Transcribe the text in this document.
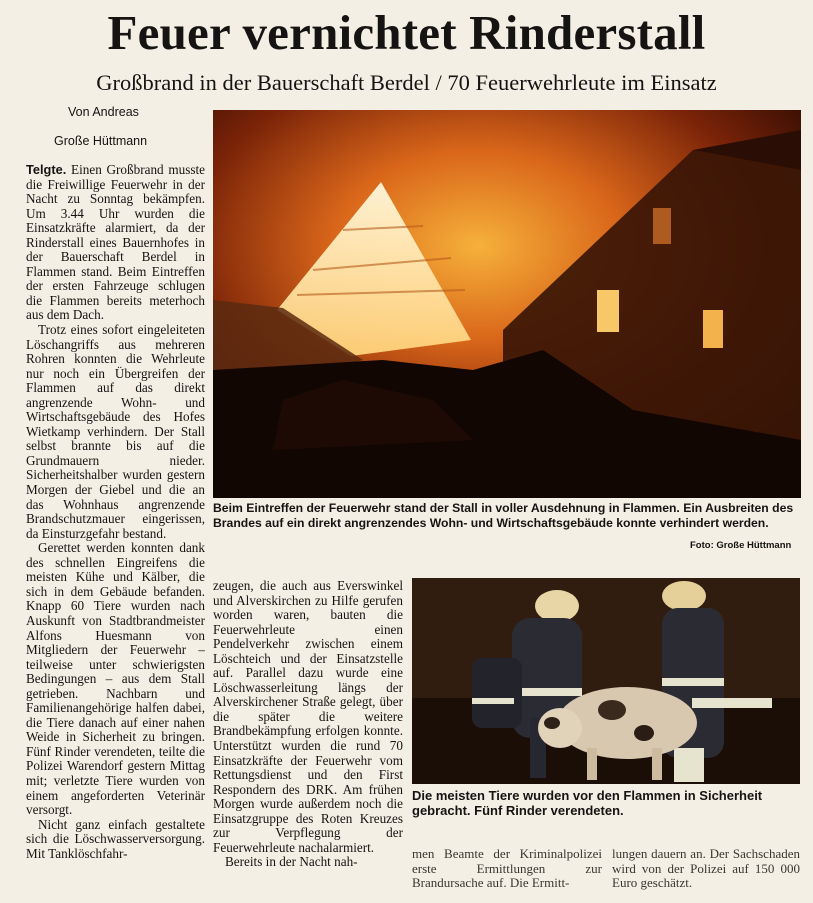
Feuer vernichtet Rinderstall
Großbrand in der Bauerschaft Berdel / 70 Feuerwehrleute im Einsatz
Von Andreas
Große Hüttmann

Telgte. Einen Großbrand musste die Freiwillige Feuerwehr in der Nacht zu Sonntag bekämpfen. Um 3.44 Uhr wurden die Einsatzkräfte alarmiert, da der Rinderstall eines Bauernhofes in der Bauerschaft Berdel in Flammen stand. Beim Eintreffen der ersten Fahrzeuge schlugen die Flammen bereits meterhoch aus dem Dach.

Trotz eines sofort eingeleiteten Löschangriffs aus mehreren Rohren konnten die Wehrleute nur noch ein Übergreifen der Flammen auf das direkt angrenzende Wohn- und Wirtschaftsgebäude des Hofes Wietkamp verhindern. Der Stall selbst brannte bis auf die Grundmauern nieder. Sicherheitshalber wurden gestern Morgen der Giebel und die an das Wohnhaus angrenzende Brandschutzmauer eingerissen, da Einsturzgefahr bestand.

Gerettet werden konnten dank des schnellen Eingreifens die meisten Kühe und Kälber, die sich in dem Gebäude befanden. Knapp 60 Tiere wurden nach Auskunft von Stadtbrandmeister Alfons Huesmann von Mitgliedern der Feuerwehr – teilweise unter schwierigsten Bedingungen – aus dem Stall getrieben. Nachbarn und Familienangehörige halfen dabei, die Tiere danach auf einer nahen Weide in Sicherheit zu bringen. Fünf Rinder verendeten, teilte die Polizei Warendorf gestern Mittag mit; verletzte Tiere wurden von einem angeforderten Veterinär versorgt.

Nicht ganz einfach gestaltete sich die Löschwasserversorgung. Mit Tanklöschfahr-

Beim Eintreffen der Feuerwehr stand der Stall in voller Ausdehnung in Flammen. Ein Ausbreiten des Brandes auf ein direkt angrenzendes Wohn- und Wirtschaftsgebäude konnte verhindert werden.
Foto: Große Hüttmann

zeugen, die auch aus Everswinkel und Alverskirchen zu Hilfe gerufen worden waren, bauten die Feuerwehrleute einen Pendelverkehr zwischen einem Löschteich und der Einsatzstelle auf. Parallel dazu wurde eine Löschwasserleitung längs der Alverskirchener Straße gelegt, über die später die weitere Brandbekämpfung erfolgen konnte. Unterstützt wurden die rund 70 Einsatzkräfte der Feuerwehr vom Rettungsdienst und den First Respondern des DRK. Am frühen Morgen wurde außerdem noch die Einsatzgruppe des Roten Kreuzes zur Verpflegung der Feuerwehrleute nachalarmiert.

Bereits in der Nacht nah-

Die meisten Tiere wurden vor den Flammen in Sicherheit gebracht. Fünf Rinder verendeten.
men Beamte der Kriminalpolizei erste Ermittlungen zur Brandursache auf. Die Ermitt-
lungen dauern an. Der Sachschaden wird von der Polizei auf 150 000 Euro geschätzt.
